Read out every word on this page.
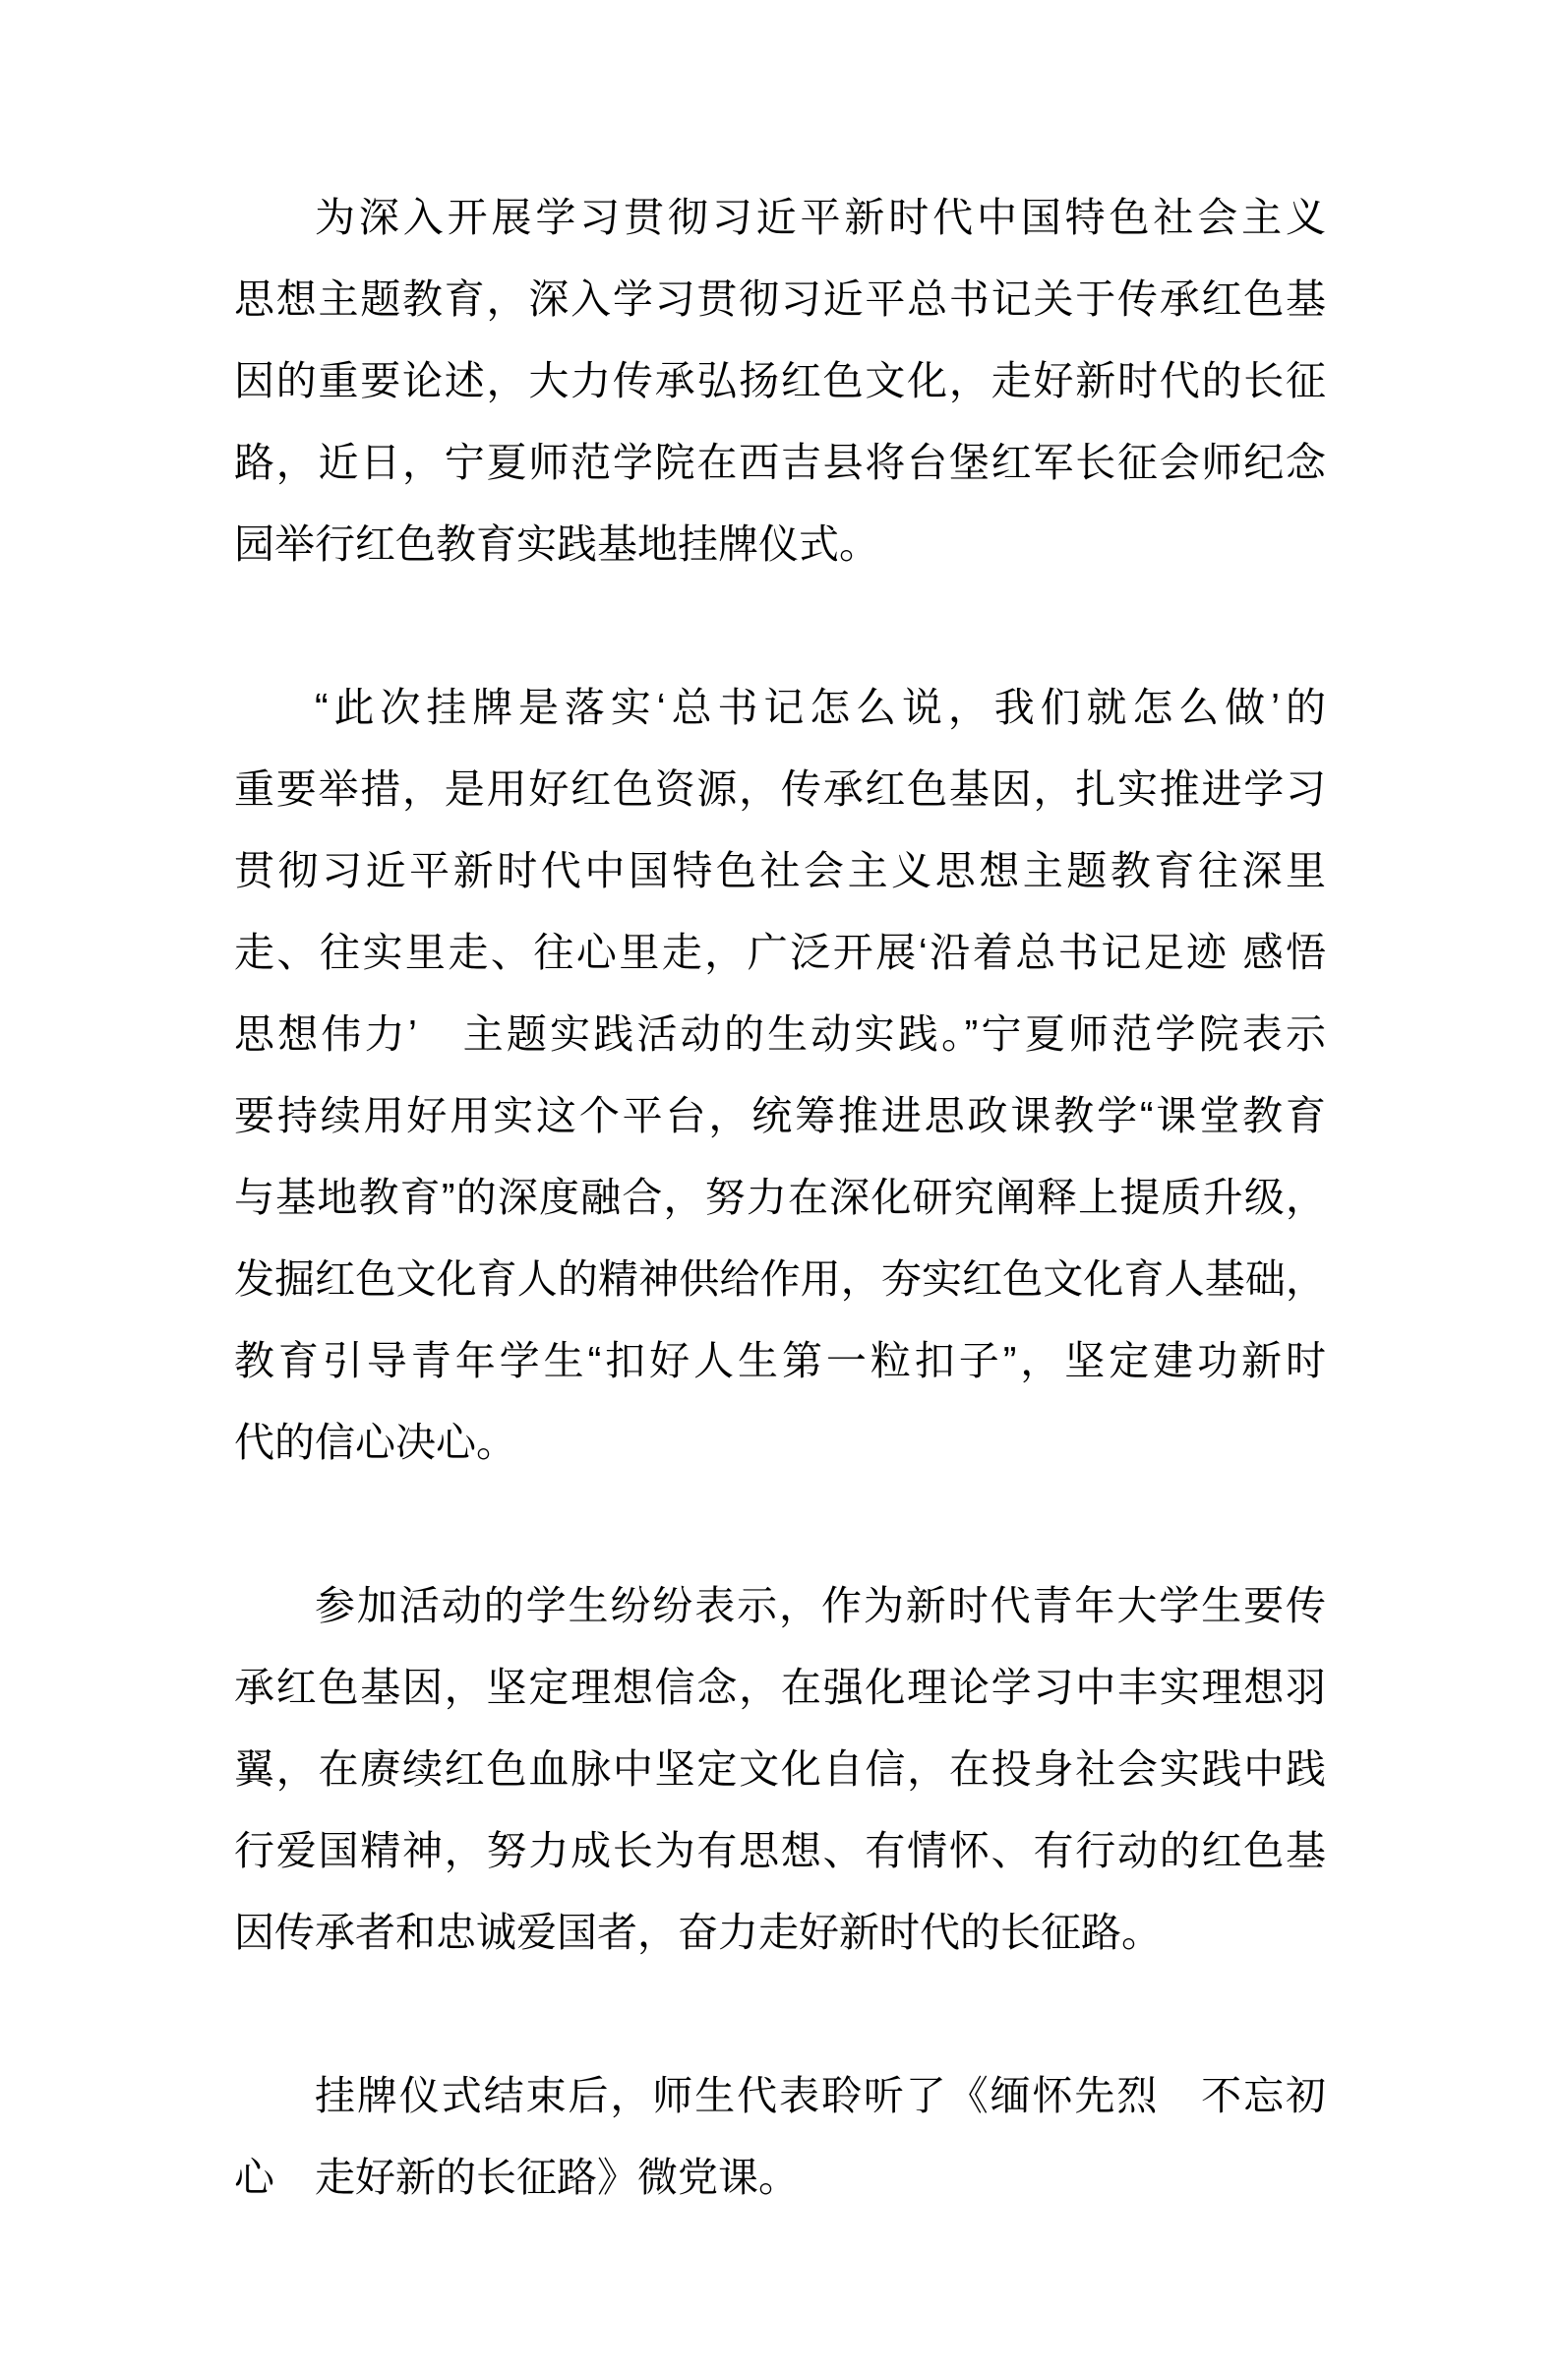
为深入开展学习贯彻习近平新时代中国特色社会主义
思想主题教育，深入学习贯彻习近平总书记关于传承红色基
因的重要论述，大力传承弘扬红色文化，走好新时代的长征
路，近日，宁夏师范学院在西吉县将台堡红军长征会师纪念
园举行红色教育实践基地挂牌仪式。
“此次挂牌是落实‘总书记怎么说，我们就怎么做’的
重要举措，是用好红色资源，传承红色基因，扎实推进学习
贯彻习近平新时代中国特色社会主义思想主题教育往深里
走、往实里走、往心里走，广泛开展‘沿着总书记足迹 感悟
思想伟力’　主题实践活动的生动实践。”宁夏师范学院表示
要持续用好用实这个平台，统筹推进思政课教学“课堂教育
与基地教育”的深度融合，努力在深化研究阐释上提质升级，
发掘红色文化育人的精神供给作用，夯实红色文化育人基础，
教育引导青年学生“扣好人生第一粒扣子”，坚定建功新时
代的信心决心。
参加活动的学生纷纷表示，作为新时代青年大学生要传
承红色基因，坚定理想信念，在强化理论学习中丰实理想羽
翼，在赓续红色血脉中坚定文化自信，在投身社会实践中践
行爱国精神，努力成长为有思想、有情怀、有行动的红色基
因传承者和忠诚爱国者，奋力走好新时代的长征路。
挂牌仪式结束后，师生代表聆听了《缅怀先烈　不忘初
心　走好新的长征路》微党课。
